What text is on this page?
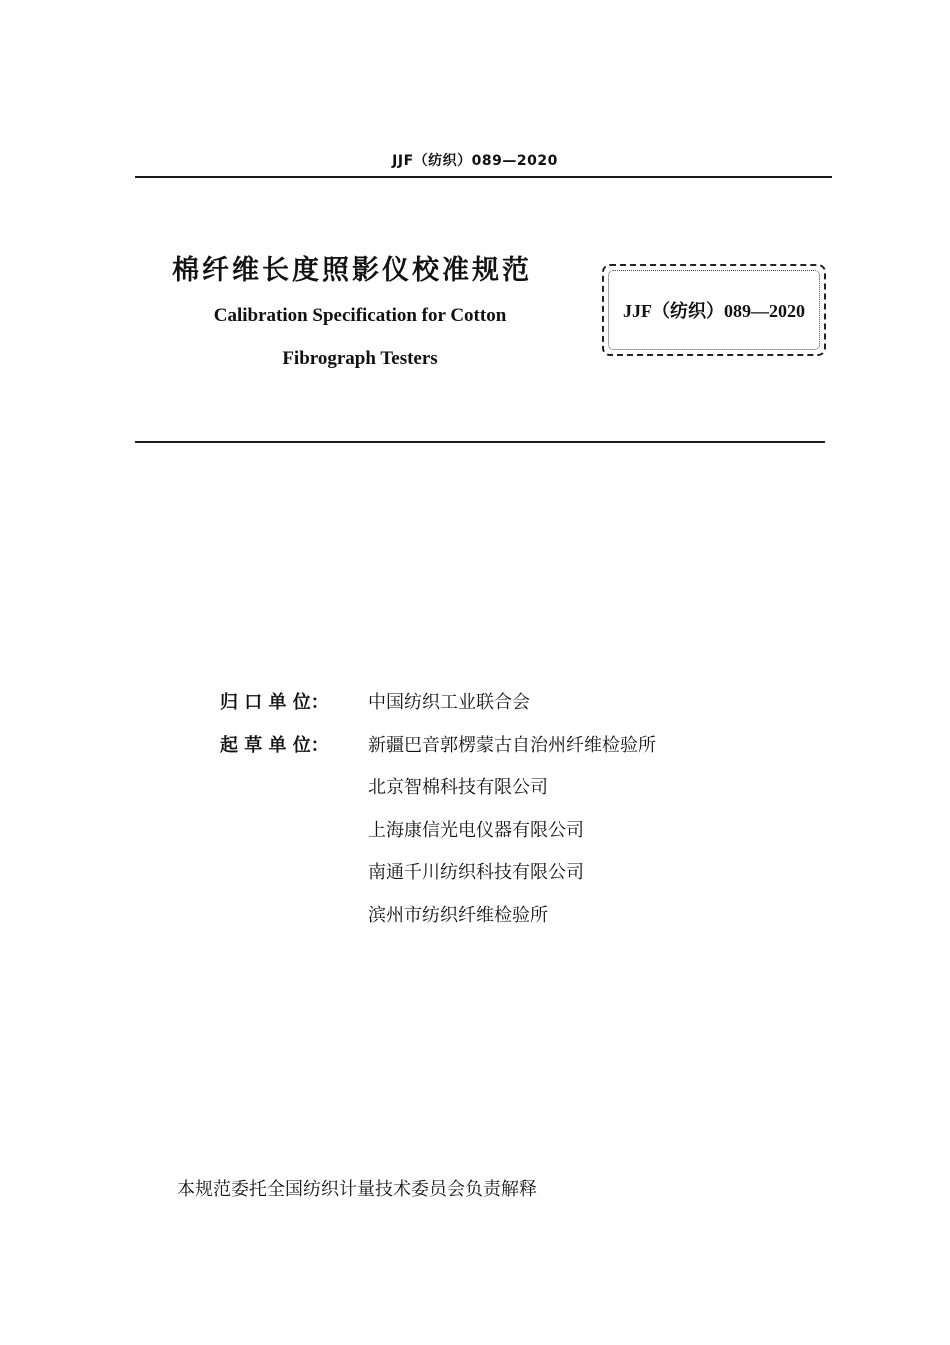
JJF（纺织）089—2020
棉纤维长度照影仪校准规范
Calibration Specification for Cotton
Fibrograph Testers
JJF（纺织）089—2020
归 口 单 位：	中国纺织工业联合会
起 草 单 位：	新疆巴音郭楞蒙古自治州纤维检验所
北京智棉科技有限公司
上海康信光电仪器有限公司
南通千川纺织科技有限公司
滨州市纺织纤维检验所
本规范委托全国纺织计量技术委员会负责解释
